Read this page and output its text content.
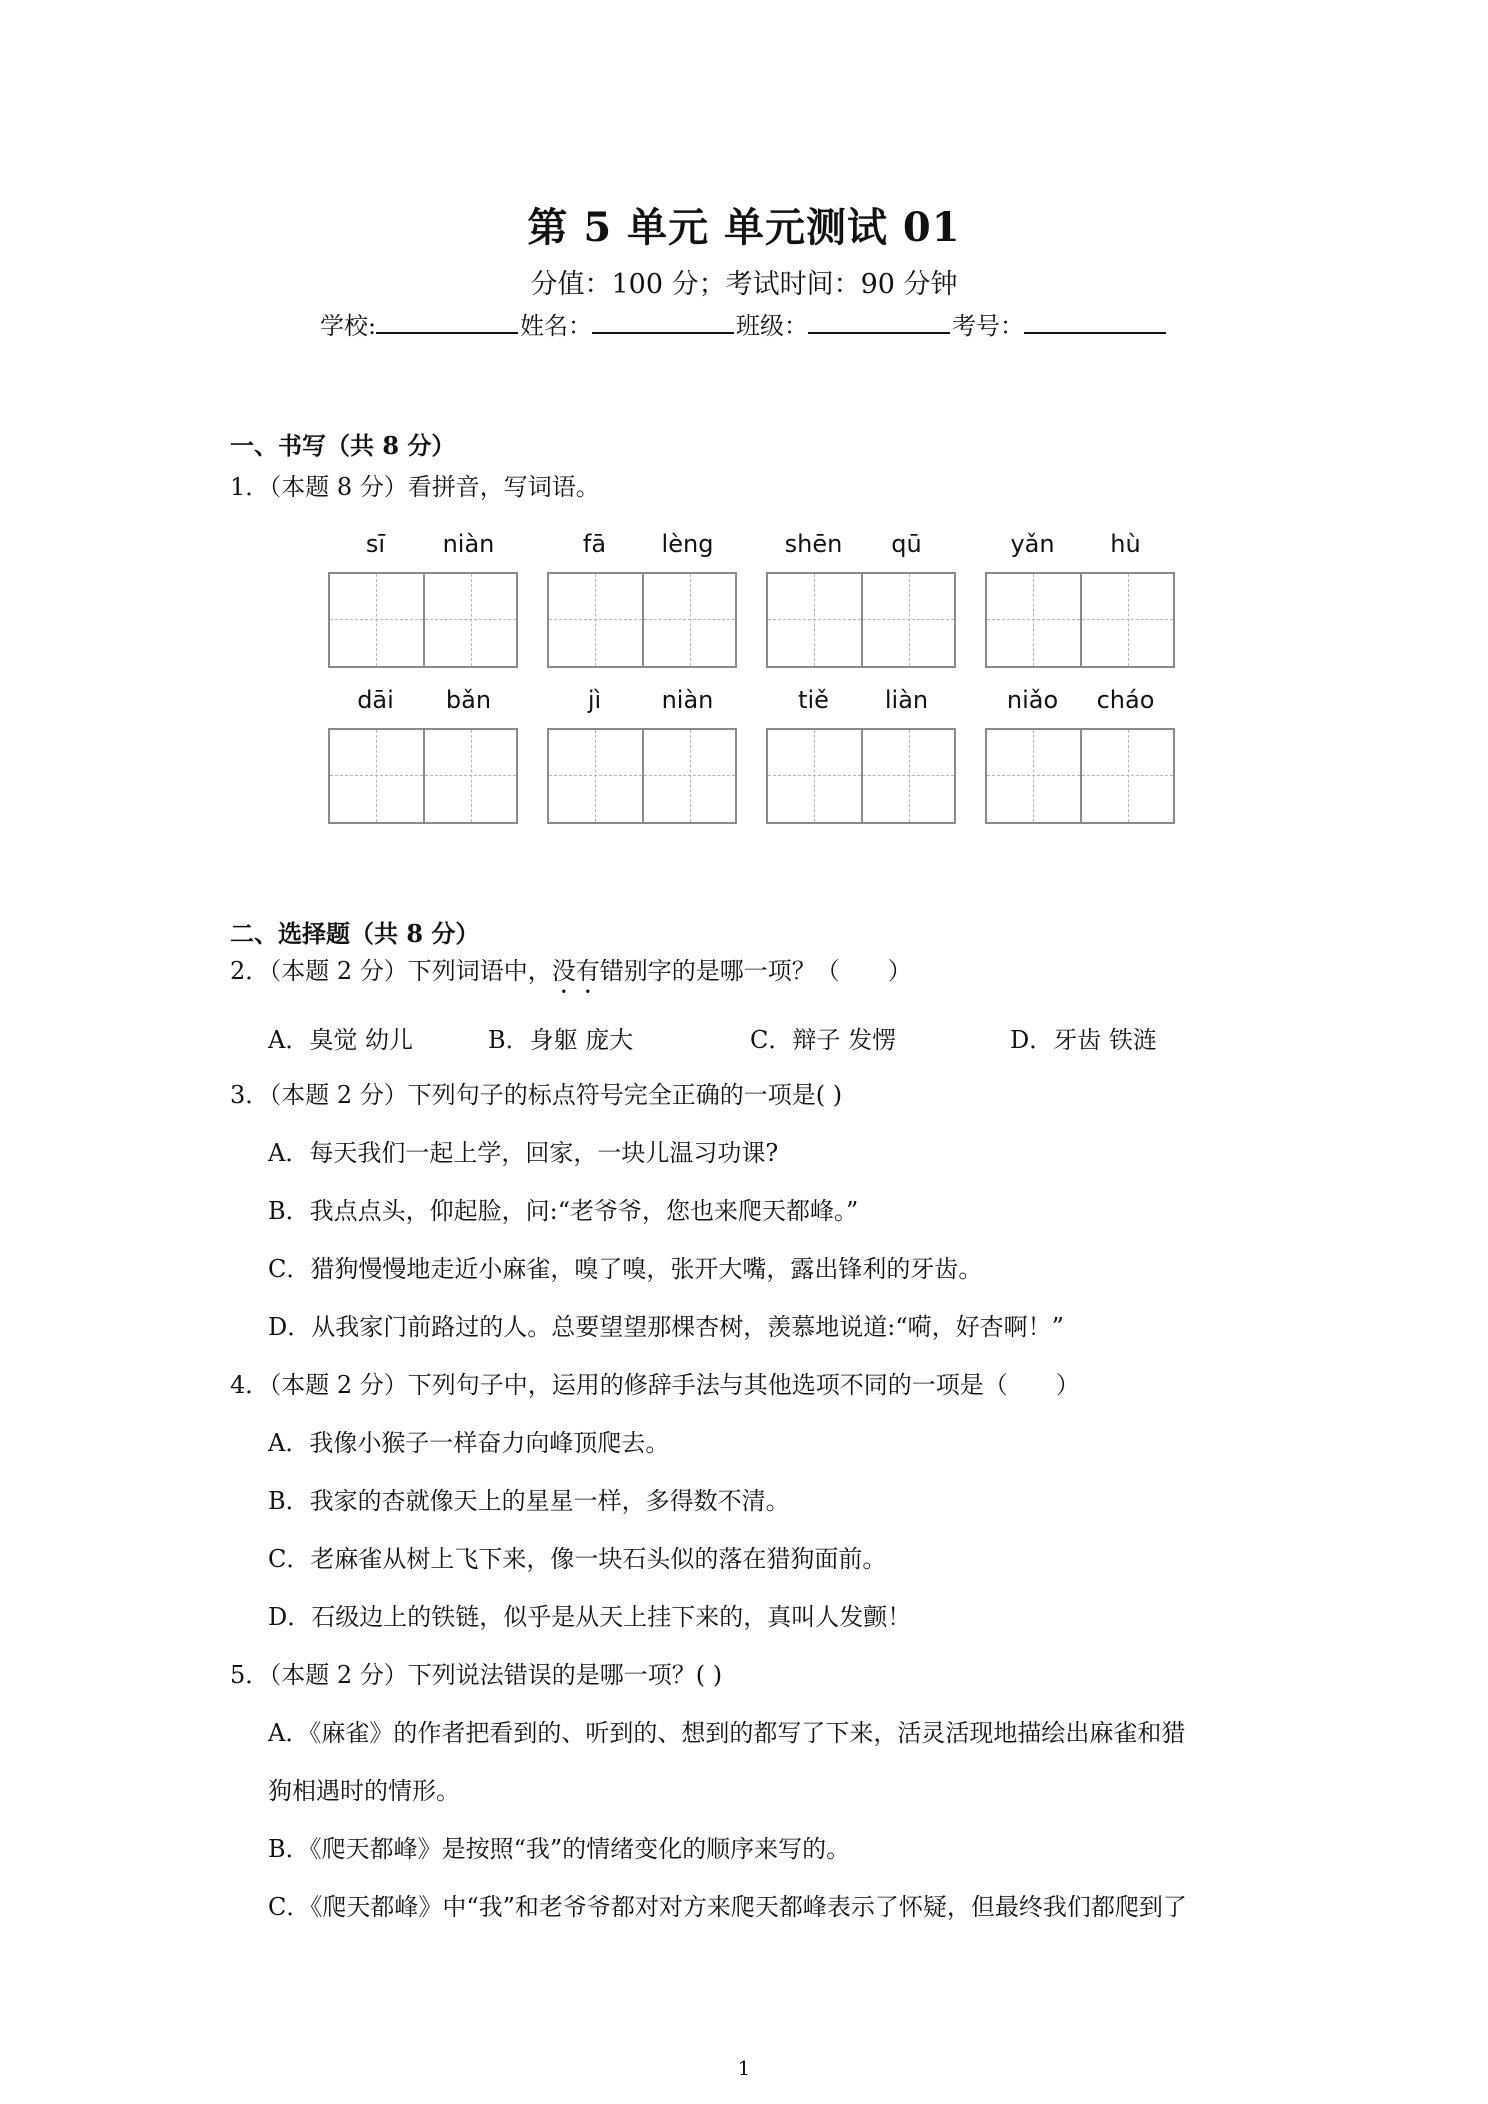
第 5 单元 单元测试 01
分值：100 分；考试时间：90 分钟
学校:	姓名：	班级：	考号：
一、书写（共 8 分）
1．（本题 8 分）看拼音，写词语。
sī	niàn	fā	lèng	shēn	qū	yǎn	hù
dāi	bǎn	jì	niàn	tiě	liàn	niǎo	cháo
二、选择题（共 8 分）
2．（本题 2 分）下列词语中，没有错别字的是哪一项？（　　）
A．臭觉 幼儿	B．身躯 庞大	C．辩子 发愣	D．牙齿 铁涟
3．（本题 2 分）下列句子的标点符号完全正确的一项是( )
A．每天我们一起上学，回家，一块儿温习功课?
B．我点点头，仰起脸，问:“老爷爷，您也来爬天都峰。”
C．猎狗慢慢地走近小麻雀，嗅了嗅，张开大嘴，露出锋利的牙齿。
D．从我家门前路过的人。总要望望那棵杏树，羡慕地说道:“嗬，好杏啊！”
4．（本题 2 分）下列句子中，运用的修辞手法与其他选项不同的一项是（　　）
A．我像小猴子一样奋力向峰顶爬去。
B．我家的杏就像天上的星星一样，多得数不清。
C．老麻雀从树上飞下来，像一块石头似的落在猎狗面前。
D．石级边上的铁链，似乎是从天上挂下来的，真叫人发颤！
5．（本题 2 分）下列说法错误的是哪一项？( )
A．《麻雀》的作者把看到的、听到的、想到的都写了下来，活灵活现地描绘出麻雀和猎
狗相遇时的情形。
B．《爬天都峰》是按照“我”的情绪变化的顺序来写的。
C．《爬天都峰》中“我”和老爷爷都对对方来爬天都峰表示了怀疑，但最终我们都爬到了
1
